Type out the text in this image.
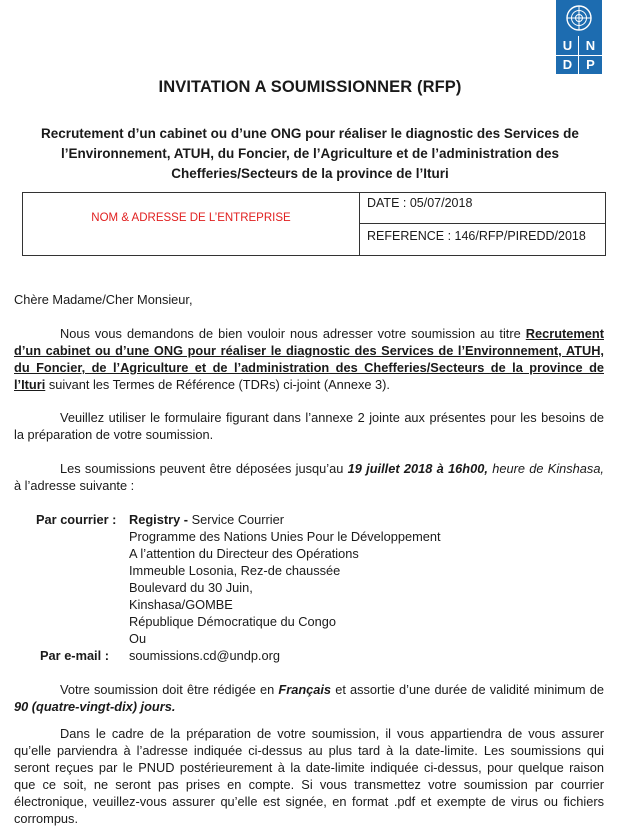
U	N
D	P
INVITATION A SOUMISSIONNER (RFP)
Recrutement d’un cabinet ou d’une ONG pour réaliser le diagnostic des Services de l’Environnement, ATUH, du Foncier, de l’Agriculture et de l’administration des Chefferies/Secteurs de la province de l’Ituri
NOM & ADRESSE DE L’ENTREPRISE
DATE : 05/07/2018
REFERENCE : 146/RFP/PIREDD/2018
Chère Madame/Cher Monsieur,
Nous vous demandons de bien vouloir nous adresser votre soumission au titre Recrutement d’un cabinet ou d’une ONG pour réaliser le diagnostic des Services de l’Environnement, ATUH, du Foncier, de l’Agriculture et de l’administration des Chefferies/Secteurs de la province de l’Ituri suivant les Termes de Référence (TDRs) ci-joint (Annexe 3).
Veuillez utiliser le formulaire figurant dans l’annexe 2 jointe aux présentes pour les besoins de la préparation de votre soumission.
Les soumissions peuvent être déposées jusqu’au 19 juillet 2018 à 16h00, heure de Kinshasa, à l’adresse suivante :
Par courrier : Registry - Service Courrier
Programme des Nations Unies Pour le Développement
A l’attention du Directeur des Opérations
Immeuble Losonia, Rez-de chaussée
Boulevard du 30 Juin,
Kinshasa/GOMBE
République Démocratique du Congo
Ou
Par e-mail : soumissions.cd@undp.org
Votre soumission doit être rédigée en Français et assortie d’une durée de validité minimum de 90 (quatre-vingt-dix) jours.
Dans le cadre de la préparation de votre soumission, il vous appartiendra de vous assurer qu’elle parviendra à l’adresse indiquée ci-dessus au plus tard à la date-limite. Les soumissions qui seront reçues par le PNUD postérieurement à la date-limite indiquée ci-dessus, pour quelque raison que ce soit, ne seront pas prises en compte. Si vous transmettez votre soumission par courrier électronique, veuillez-vous assurer qu’elle est signée, en format .pdf et exempte de virus ou fichiers corrompus.
